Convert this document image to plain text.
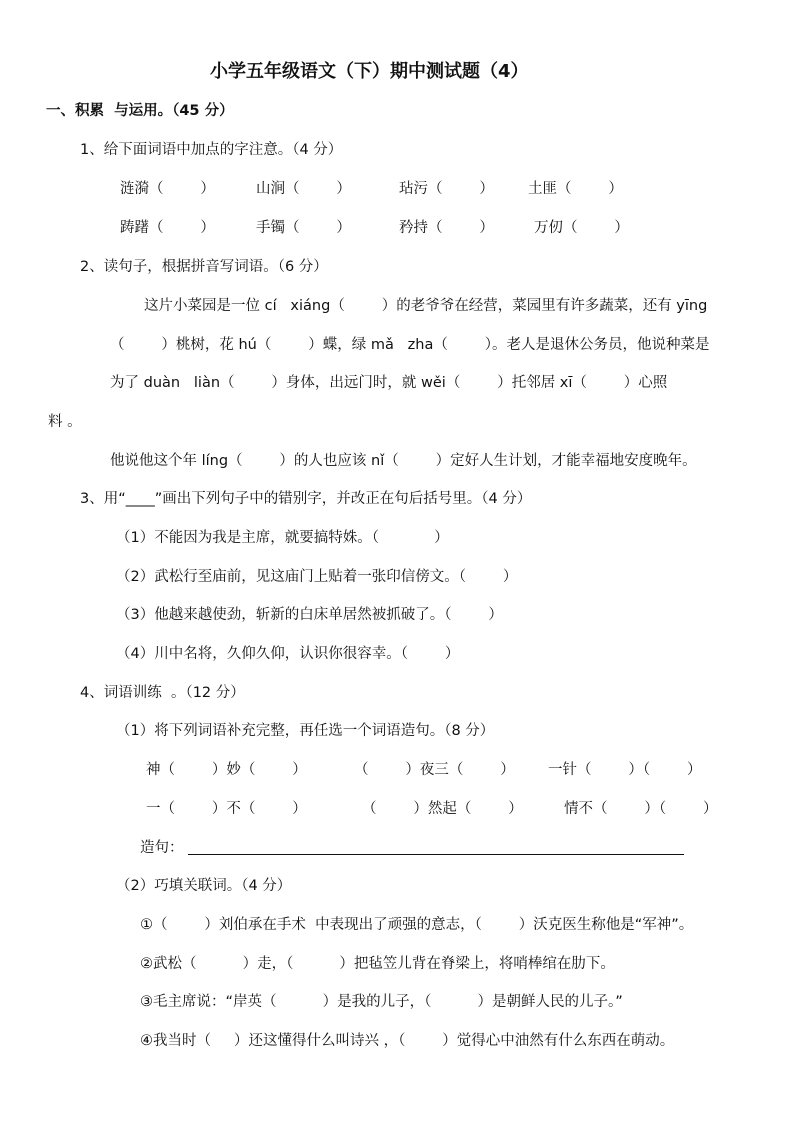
小学五年级语文（下）期中测试题（4）
一、积累  与运用。（45 分）
1、给下面词语中加点的字注意。（4 分）
涟漪（        ）	山涧（        ）	玷污（        ） 土匪（        ）
踌躇（        ）	手镯（        ）	矜持（        ）	万仞（        ）
2、读句子，根据拼音写词语。（6 分）
这片小菜园是一位 cí   xiáng（        ）的老爷爷在经营，菜园里有许多蔬菜，还有 yīng
（        ）桃树，花 hú（        ）蝶，绿 mǎ   zha（        ）。老人是退休公务员，他说种菜是
为了 duàn   liàn（        ）身体，出远门时，就 wěi（        ）托邻居 xī（        ）心照
料 。
他说他这个年 líng（        ）的人也应该 nǐ（        ）定好人生计划，才能幸福地安度晚年。
3、用“____”画出下列句子中的错别字，并改正在句后括号里。（4 分）
（1）不能因为我是主席，就要搞特姝。（            ）
（2）武松行至庙前，见这庙门上贴着一张印信傍文。（        ）
（3）他越来越使劲，斩新的白床单居然被抓破了。（        ）
（4）川中名将，久仰久仰，认识你很容幸。（        ）
4、词语训练  。（12 分）
（1）将下列词语补充完整，再任选一个词语造句。（8 分）
神（        ）妙（        ）	（        ）夜三（        ） 一针（        ）（        ）
一（        ）不（        ）	（        ）然起（        ）	情不（        ）（        ）
造句：
（2）巧填关联词。（4 分）
①（        ）刘伯承在手术  中表现出了顽强的意志，（        ）沃克医生称他是“军神”。
②武松（          ）走，（          ）把毡笠儿背在脊梁上，将哨棒绾在肋下。
③毛主席说：“岸英（          ）是我的儿子，（          ）是朝鲜人民的儿子。”
④我当时（     ）还这懂得什么叫诗兴 ，（        ）觉得心中油然有什么东西在萌动。
